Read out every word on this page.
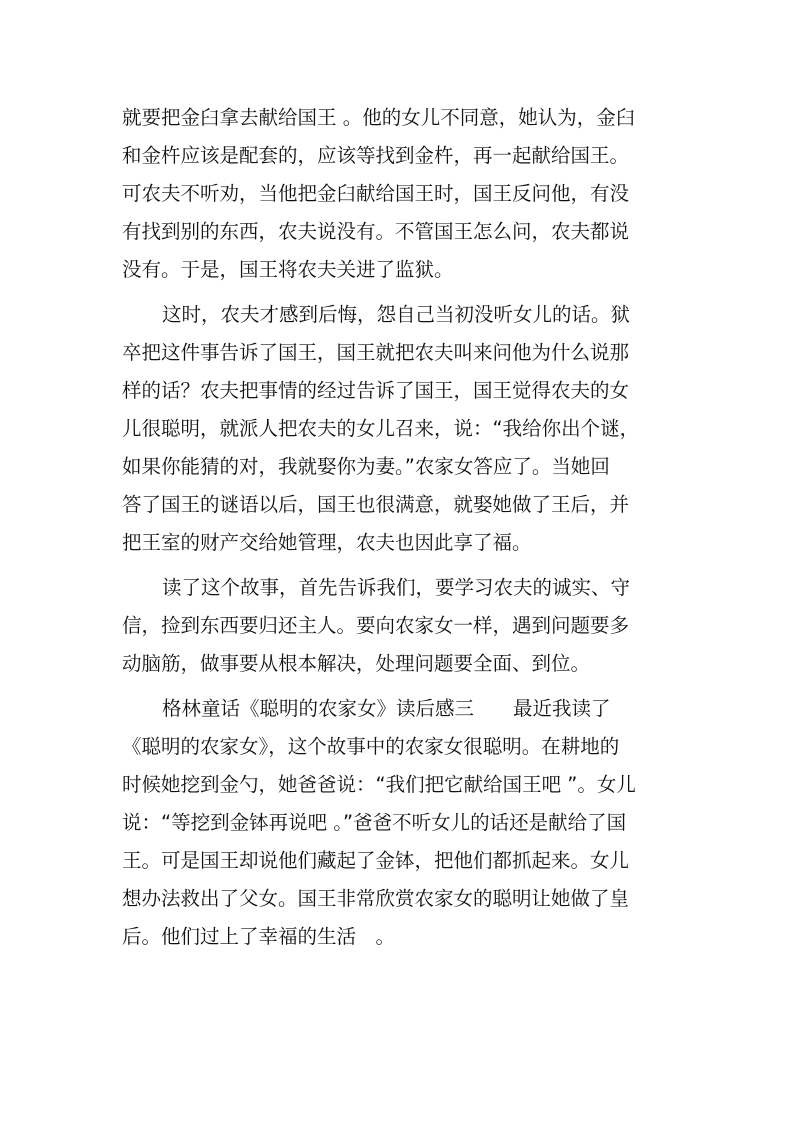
就要把金臼拿去献给国王 。他的女儿不同意，她认为，金臼
和金杵应该是配套的，应该等找到金杵，再一起献给国王。
可农夫不听劝，当他把金臼献给国王时，国王反问他，有没
有找到别的东西，农夫说没有。不管国王怎么问，农夫都说
没有。于是，国王将农夫关进了监狱。
这时，农夫才感到后悔，怨自己当初没听女儿的话。狱
卒把这件事告诉了国王，国王就把农夫叫来问他为什么说那
样的话？农夫把事情的经过告诉了国王，国王觉得农夫的女
儿很聪明，就派人把农夫的女儿召来，说：“我给你出个谜，
如果你能猜的对，我就娶你为妻。”农家女答应了。当她回
答了国王的谜语以后，国王也很满意，就娶她做了王后，并
把王室的财产交给她管理，农夫也因此享了福。
读了这个故事，首先告诉我们，要学习农夫的诚实、守
信，捡到东西要归还主人。要向农家女一样，遇到问题要多
动脑筋，做事要从根本解决，处理问题要全面、到位。
格林童话《聪明的农家女》读后感三　　最近我读了
《聪明的农家女》，这个故事中的农家女很聪明。在耕地的
时候她挖到金勺，她爸爸说：“我们把它献给国王吧 ”。女儿
说：“等挖到金钵再说吧 。”爸爸不听女儿的话还是献给了国
王。可是国王却说他们藏起了金钵，把他们都抓起来。女儿
想办法救出了父女。国王非常欣赏农家女的聪明让她做了皇
后。他们过上了幸福的生活　。
